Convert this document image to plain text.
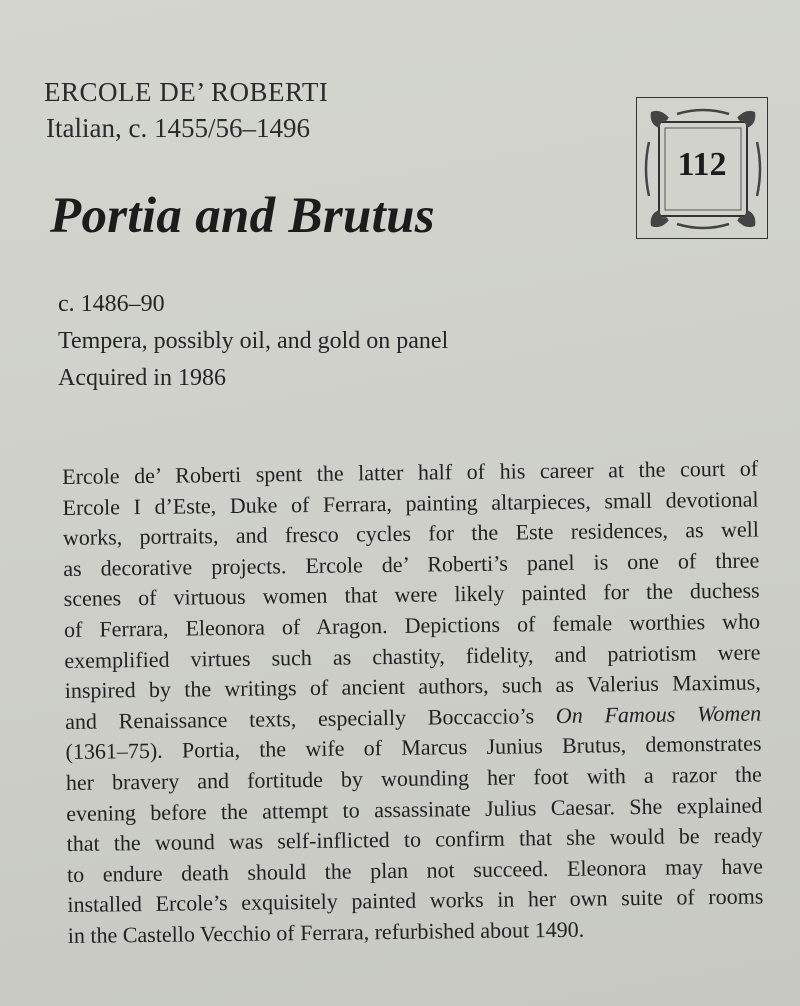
ERCOLE DE’ ROBERTI

Italian, c. 1455/56–1496

Portia and Brutus
112
c. 1486–90
Tempera, possibly oil, and gold on panel
Acquired in 1986
Ercole de’ Roberti spent the latter half of his career at the court of
Ercole I d’Este, Duke of Ferrara, painting altarpieces, small devotional
works, portraits, and fresco cycles for the Este residences, as well
as decorative projects. Ercole de’ Roberti’s panel is one of three
scenes of virtuous women that were likely painted for the duchess
of Ferrara, Eleonora of Aragon. Depictions of female worthies who
exemplified virtues such as chastity, fidelity, and patriotism were
inspired by the writings of ancient authors, such as Valerius Maximus,
and Renaissance texts, especially Boccaccio’s On Famous Women
(1361–75). Portia, the wife of Marcus Junius Brutus, demonstrates
her bravery and fortitude by wounding her foot with a razor the
evening before the attempt to assassinate Julius Caesar. She explained
that the wound was self-inflicted to confirm that she would be ready
to endure death should the plan not succeed. Eleonora may have
installed Ercole’s exquisitely painted works in her own suite of rooms
in the Castello Vecchio of Ferrara, refurbished about 1490.
